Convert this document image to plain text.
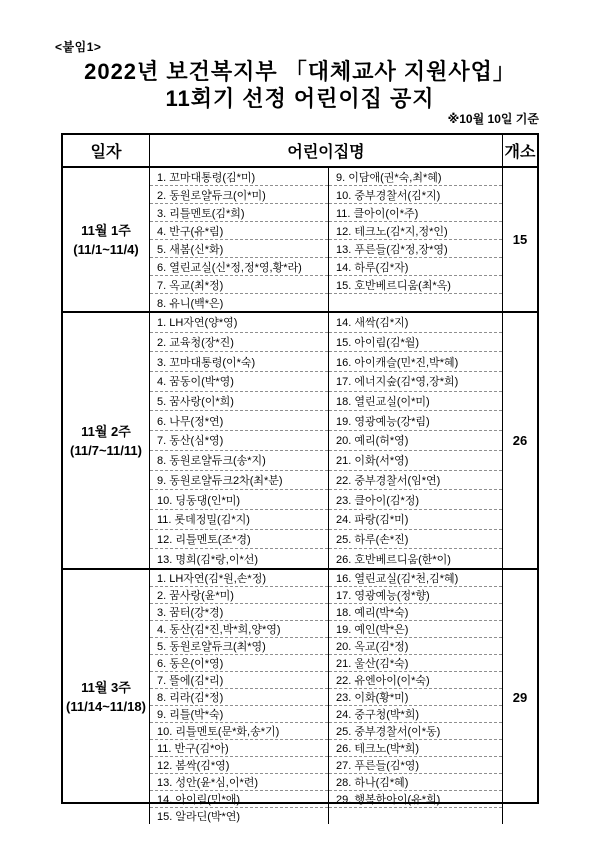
<붙임1>
2022년 보건복지부 「대체교사 지원사업」
11회기 선정 어린이집 공지
※10월 10일 기준
일자	어린이집명	개소
11월 1주
(11/1~11/4)
1. 꼬마대통령(김*미)
2. 동원로얄듀크(이*미)
3. 리틀멘토(김*희)
4. 반구(유*림)
5. 새봄(신*화)
6. 열린교실(신*정,정*영,황*라)
7. 옥교(최*정)
8. 유니(백*은)
9. 이담애(권*숙,최*혜)
10. 중부경찰서(김*지)
11. 클아이(이*주)
12. 테크노(김*지,정*인)
13. 푸른들(김*정,장*영)
14. 하루(김*자)
15. 호반베르디움(최*옥)
15
11월 2주
(11/7~11/11)
1. LH자연(양*영)
2. 교육청(장*진)
3. 꼬마대통령(이*숙)
4. 꿈동이(박*영)
5. 꿈사랑(이*희)
6. 나무(정*연)
7. 동산(심*영)
8. 동원로얄듀크(송*지)
9. 동원로얄듀크2차(최*분)
10. 딩동댕(인*미)
11. 롯데정밀(김*지)
12. 리틀멘토(조*경)
13. 명희(김*랑,이*선)
14. 새싹(김*지)
15. 아이림(김*월)
16. 아이캐슬(민*진,박*혜)
17. 에너지숲(김*영,장*희)
18. 열린교실(이*미)
19. 영광예능(강*림)
20. 예리(허*영)
21. 이화(서*영)
22. 중부경찰서(임*연)
23. 클아이(김*정)
24. 파랑(김*미)
25. 하루(손*진)
26. 호반베르디움(한*이)
26
11월 3주
(11/14~11/18)
1. LH자연(김*원,손*정)
2. 꿈사랑(윤*미)
3. 꿈터(강*경)
4. 동산(김*진,박*희,양*영)
5. 동원로얄듀크(최*영)
6. 동은(이*영)
7. 뜰에(김*리)
8. 리라(김*정)
9. 리틀(박*숙)
10. 리틀멘토(문*화,송*기)
11. 반구(김*아)
12. 봄싹(김*영)
13. 성안(윤*심,이*련)
14. 아이림(민*애)
15. 알라딘(박*연)
16. 열린교실(김*천,김*혜)
17. 영광예능(정*향)
18. 예리(박*숙)
19. 예인(박*은)
20. 옥교(김*정)
21. 울산(김*숙)
22. 유엔아이(이*숙)
23. 이화(황*미)
24. 중구청(박*희)
25. 중부경찰서(이*동)
26. 테크노(박*희)
27. 푸른들(김*영)
28. 하나(김*혜)
29. 행복한아이(유*희)
29
